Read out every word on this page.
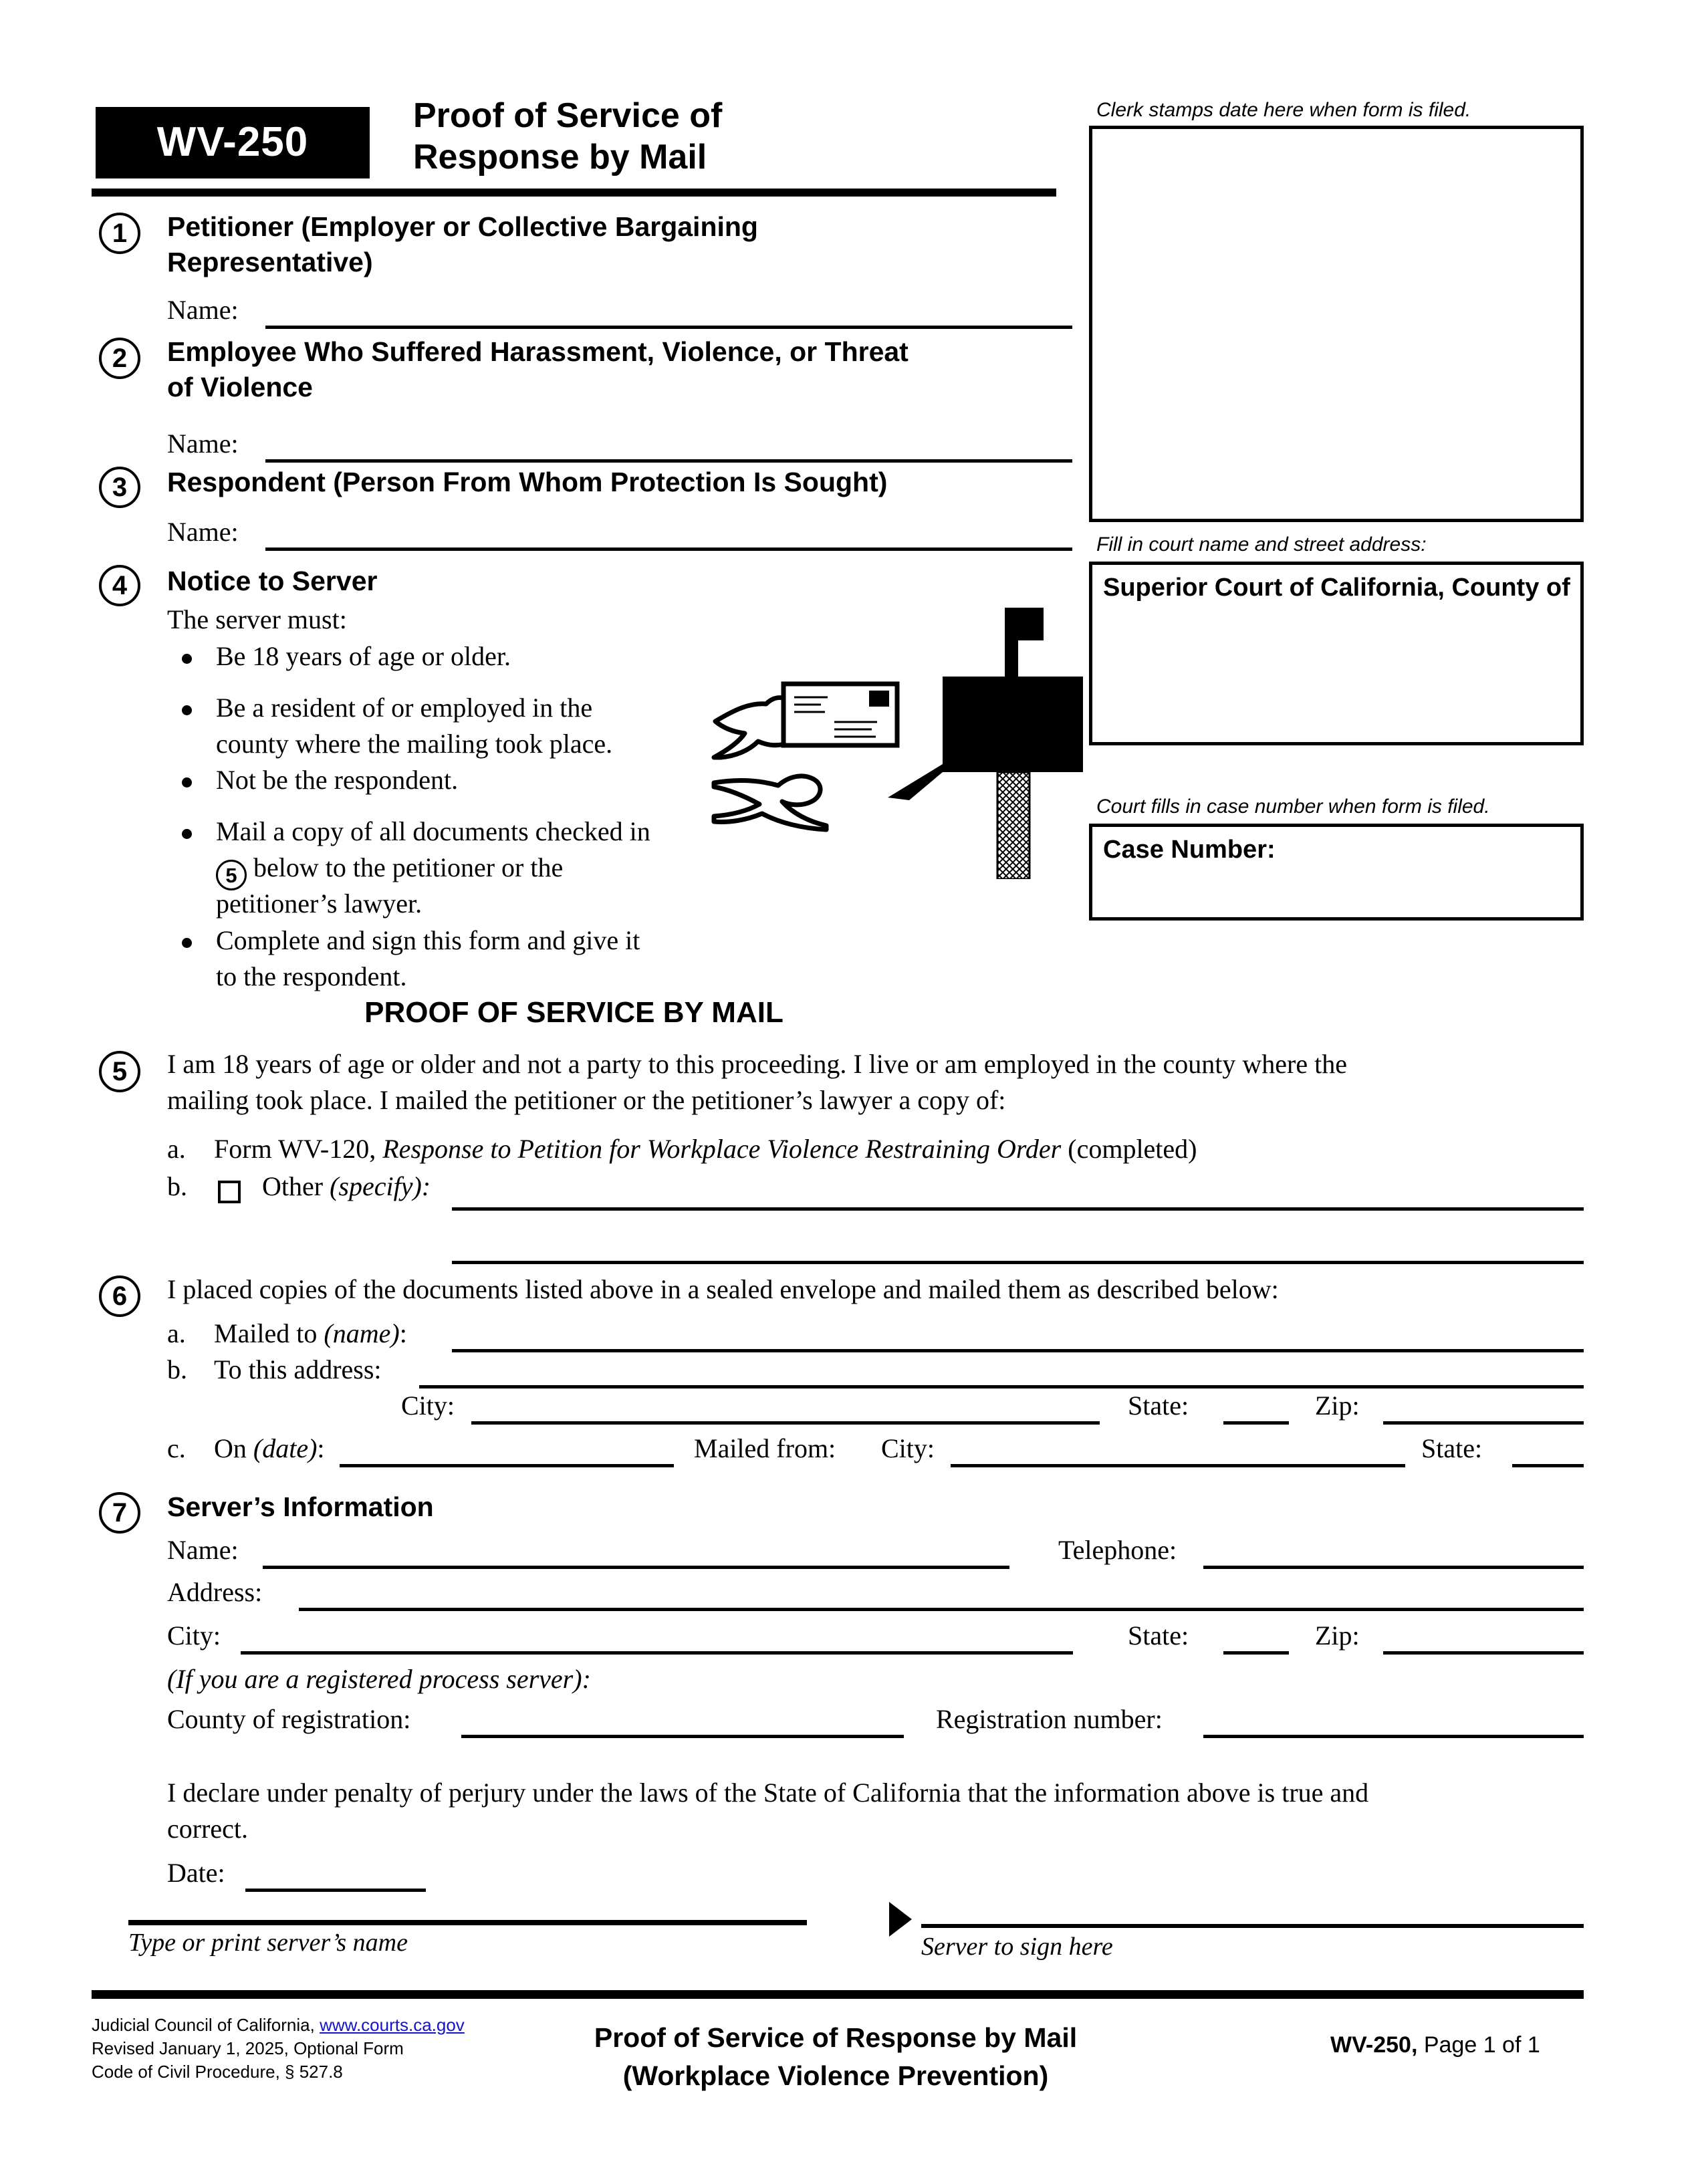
WV-250
Proof of Service of
Response by Mail
Clerk stamps date here when form is filed.
Fill in court name and street address:
Superior Court of California, County of
Court fills in case number when form is filed.
Case Number:
1	Petitioner (Employer or Collective Bargaining
Representative)
Name:
2	Employee Who Suffered Harassment, Violence, or Threat
of Violence
Name:
3	Respondent (Person From Whom Protection Is Sought)
Name:
4	Notice to Server
The server must:
Be 18 years of age or older.
Be a resident of or employed in the
county where the mailing took place.
Not be the respondent.
Mail a copy of all documents checked in
5 below to the petitioner or the
petitioner’s lawyer.
Complete and sign this form and give it
to the respondent.
PROOF OF SERVICE BY MAIL
5	I am 18 years of age or older and not a party to this proceeding. I live or am employed in the county where the
mailing took place. I mailed the petitioner or the petitioner’s lawyer a copy of:
a. Form WV-120, Response to Petition for Workplace Violence Restraining Order (completed)
b.	Other (specify):
6	I placed copies of the documents listed above in a sealed envelope and mailed them as described below:
a. Mailed to (name):
b. To this address:
City:	State:	Zip:
c. On (date):	Mailed from: City:	State:
7	Server’s Information
Name:	Telephone:
Address:
City:	State:	Zip:
(If you are a registered process server):
County of registration:	Registration number:
I declare under penalty of perjury under the laws of the State of California that the information above is true and
correct.
Date:
Type or print server’s name	Server to sign here
Judicial Council of California, www.courts.ca.gov
Revised January 1, 2025, Optional Form
Code of Civil Procedure, § 527.8
Proof of Service of Response by Mail
(Workplace Violence Prevention)
WV-250, Page 1 of 1
